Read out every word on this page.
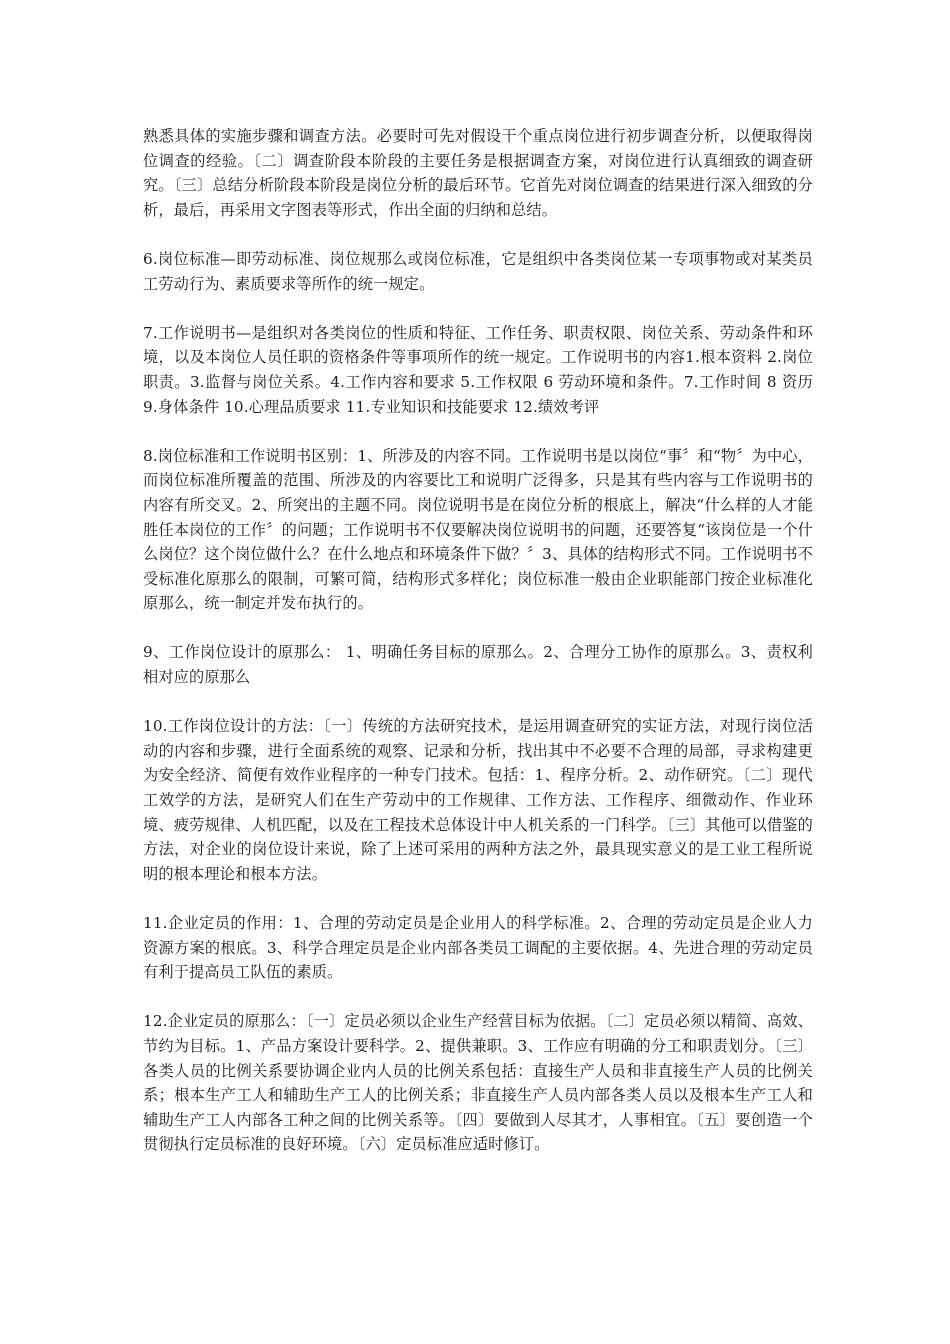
熟悉具体的实施步骤和调查方法。必要时可先对假设干个重点岗位进行初步调查分析，以便取得岗位调查的经验。〔二〕调查阶段本阶段的主要任务是根据调查方案，对岗位进行认真细致的调查研究。〔三〕总结分析阶段本阶段是岗位分析的最后环节。它首先对岗位调查的结果进行深入细致的分析，最后，再采用文字图表等形式，作出全面的归纳和总结。

6.岗位标准—即劳动标准、岗位规那么或岗位标准，它是组织中各类岗位某一专项事物或对某类员工劳动行为、素质要求等所作的统一规定。

7.工作说明书—是组织对各类岗位的性质和特征、工作任务、职责权限、岗位关系、劳动条件和环境，以及本岗位人员任职的资格条件等事项所作的统一规定。工作说明书的内容1.根本资料 2.岗位职责。3.监督与岗位关系。4.工作内容和要求 5.工作权限 6 劳动环境和条件。7.工作时间 8 资历 9.身体条件 10.心理品质要求 11.专业知识和技能要求 12.绩效考评

8.岗位标准和工作说明书区别：1、所涉及的内容不同。工作说明书是以岗位“事〞和“物〞为中心，而岗位标准所覆盖的范围、所涉及的内容要比工和说明广泛得多，只是其有些内容与工作说明书的内容有所交叉。2、所突出的主题不同。岗位说明书是在岗位分析的根底上，解决“什么样的人才能胜任本岗位的工作〞的问题；工作说明书不仅要解决岗位说明书的问题，还要答复“该岗位是一个什么岗位？这个岗位做什么？在什么地点和环境条件下做？〞3、具体的结构形式不同。工作说明书不受标准化原那么的限制，可繁可简，结构形式多样化；岗位标准一般由企业职能部门按企业标准化原那么，统一制定并发布执行的。

9、工作岗位设计的原那么： 1、明确任务目标的原那么。2、合理分工协作的原那么。3、责权利相对应的原那么

10.工作岗位设计的方法：〔一〕传统的方法研究技术，是运用调查研究的实证方法，对现行岗位活动的内容和步骤，进行全面系统的观察、记录和分析，找出其中不必要不合理的局部，寻求构建更为安全经济、简便有效作业程序的一种专门技术。包括：1、程序分析。2、动作研究。〔二〕现代工效学的方法，是研究人们在生产劳动中的工作规律、工作方法、工作程序、细微动作、作业环境、疲劳规律、人机匹配，以及在工程技术总体设计中人机关系的一门科学。〔三〕其他可以借鉴的方法，对企业的岗位设计来说，除了上述可采用的两种方法之外，最具现实意义的是工业工程所说明的根本理论和根本方法。

11.企业定员的作用：1、合理的劳动定员是企业用人的科学标准。2、合理的劳动定员是企业人力资源方案的根底。3、科学合理定员是企业内部各类员工调配的主要依据。4、先进合理的劳动定员有利于提高员工队伍的素质。

12.企业定员的原那么：〔一〕定员必须以企业生产经营目标为依据。〔二〕定员必须以精简、高效、节约为目标。1、产品方案设计要科学。2、提供兼职。3、工作应有明确的分工和职责划分。〔三〕各类人员的比例关系要协调企业内人员的比例关系包括：直接生产人员和非直接生产人员的比例关系；根本生产工人和辅助生产工人的比例关系；非直接生产人员内部各类人员以及根本生产工人和辅助生产工人内部各工种之间的比例关系等。〔四〕要做到人尽其才，人事相宜。〔五〕要创造一个贯彻执行定员标准的良好环境。〔六〕定员标准应适时修订。
